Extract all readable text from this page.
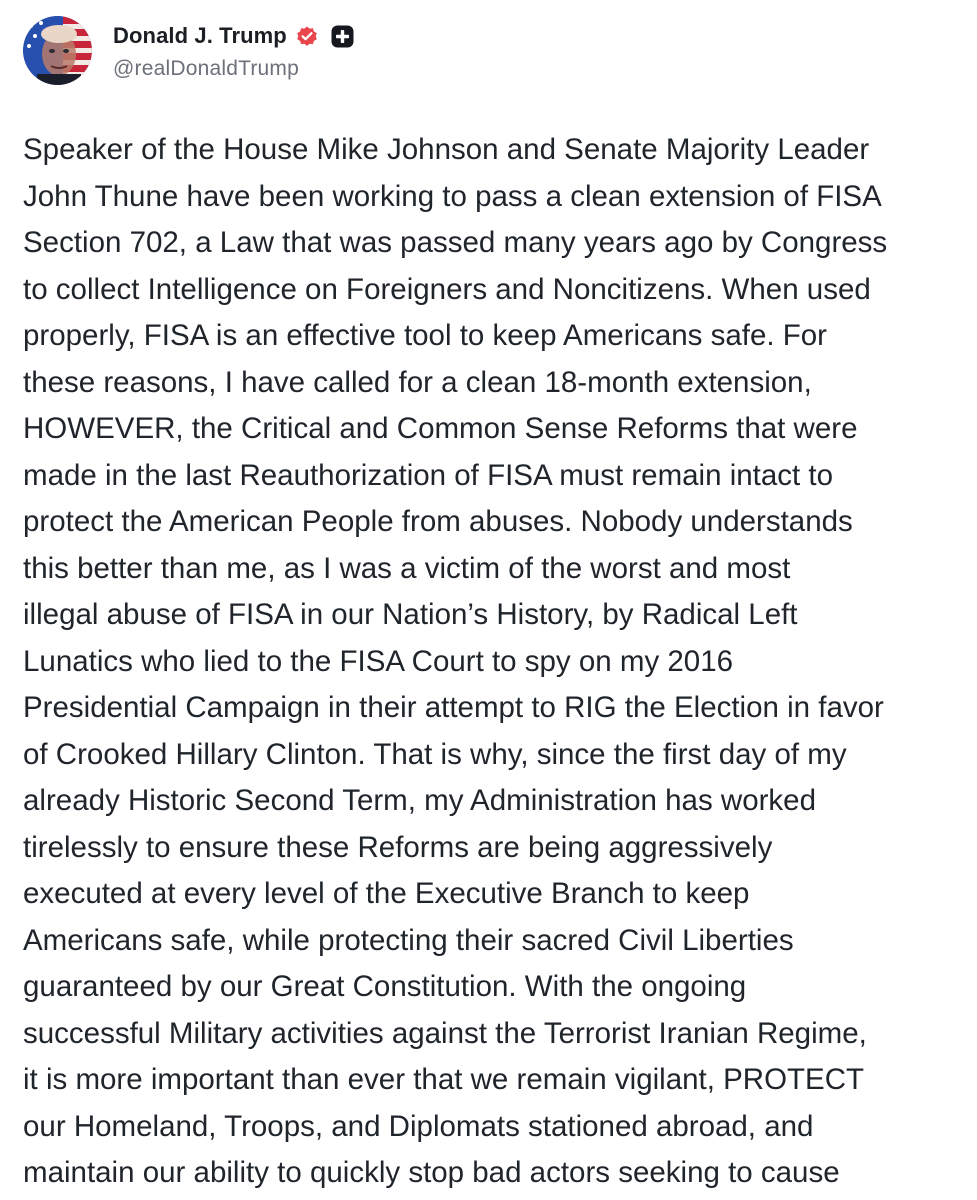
Donald J. Trump
@realDonaldTrump
Speaker of the House Mike Johnson and Senate Majority Leader
John Thune have been working to pass a clean extension of FISA
Section 702, a Law that was passed many years ago by Congress
to collect Intelligence on Foreigners and Noncitizens. When used
properly, FISA is an effective tool to keep Americans safe. For
these reasons, I have called for a clean 18-month extension,
HOWEVER, the Critical and Common Sense Reforms that were
made in the last Reauthorization of FISA must remain intact to
protect the American People from abuses. Nobody understands
this better than me, as I was a victim of the worst and most
illegal abuse of FISA in our Nation’s History, by Radical Left
Lunatics who lied to the FISA Court to spy on my 2016
Presidential Campaign in their attempt to RIG the Election in favor
of Crooked Hillary Clinton. That is why, since the first day of my
already Historic Second Term, my Administration has worked
tirelessly to ensure these Reforms are being aggressively
executed at every level of the Executive Branch to keep
Americans safe, while protecting their sacred Civil Liberties
guaranteed by our Great Constitution. With the ongoing
successful Military activities against the Terrorist Iranian Regime,
it is more important than ever that we remain vigilant, PROTECT
our Homeland, Troops, and Diplomats stationed abroad, and
maintain our ability to quickly stop bad actors seeking to cause
